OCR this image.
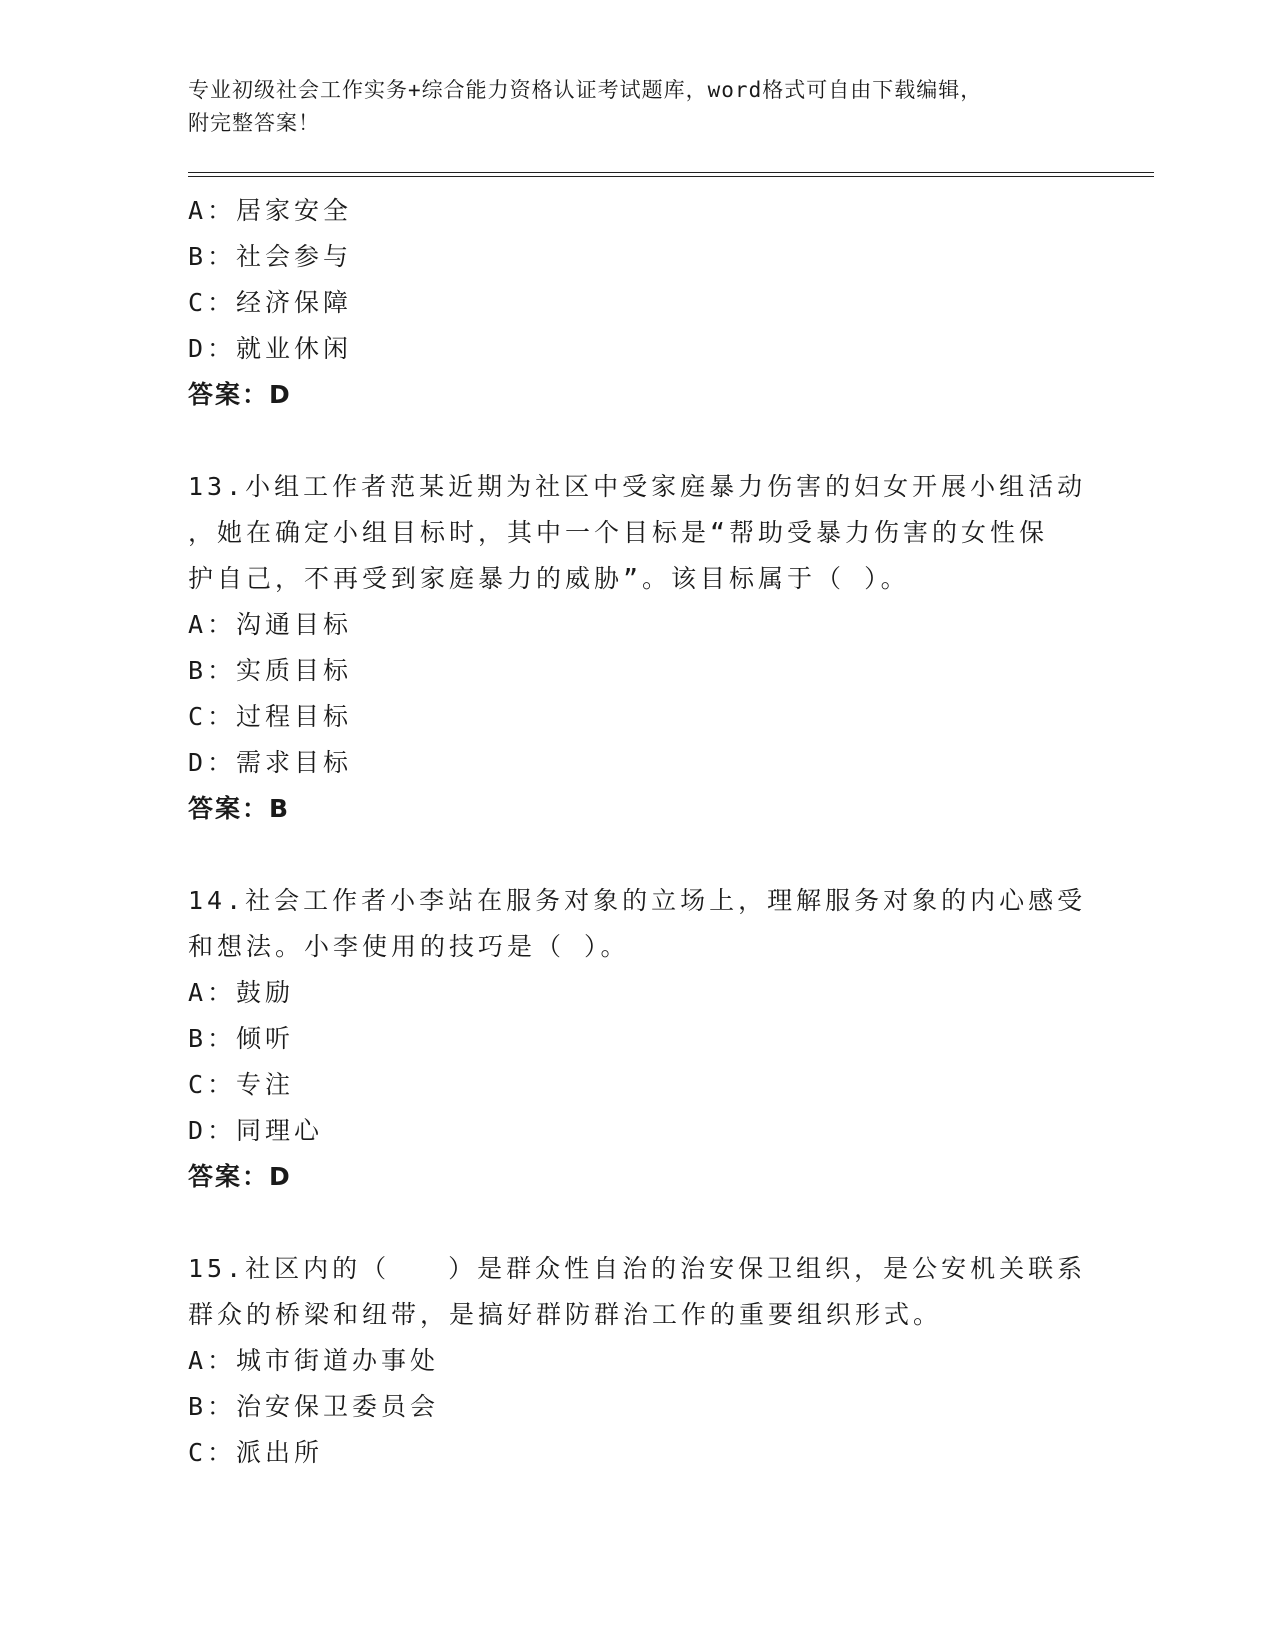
专业初级社会工作实务+综合能力资格认证考试题库，word格式可自由下载编辑，
附完整答案！
A：居家安全
B：社会参与
C：经济保障
D：就业休闲
答案：D
13.小组工作者范某近期为社区中受家庭暴力伤害的妇女开展小组活动
，她在确定小组目标时，其中一个目标是“帮助受暴力伤害的女性保
护自己，不再受到家庭暴力的威胁”。该目标属于（ ）。
A：沟通目标
B：实质目标
C：过程目标
D：需求目标
答案：B
14.社会工作者小李站在服务对象的立场上，理解服务对象的内心感受
和想法。小李使用的技巧是（ ）。
A：鼓励
B：倾听
C：专注
D：同理心
答案：D
15.社区内的（　　）是群众性自治的治安保卫组织，是公安机关联系
群众的桥梁和纽带，是搞好群防群治工作的重要组织形式。
A：城市街道办事处
B：治安保卫委员会
C：派出所
